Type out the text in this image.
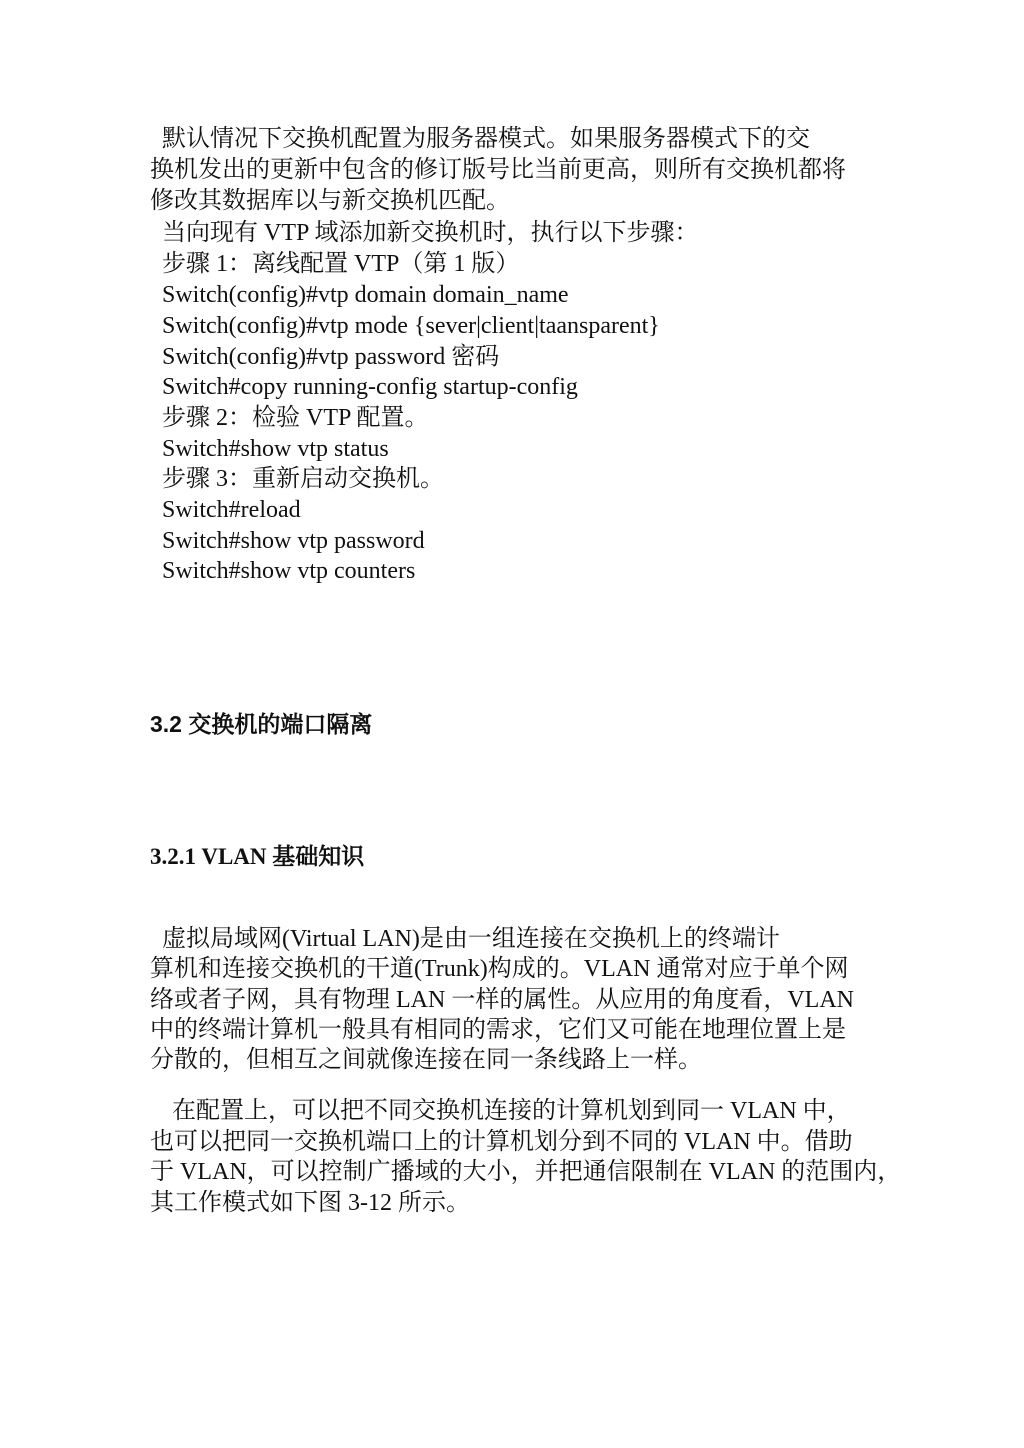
默认情况下交换机配置为服务器模式。如果服务器模式下的交
换机发出的更新中包含的修订版号比当前更高，则所有交换机都将
修改其数据库以与新交换机匹配。
当向现有 VTP 域添加新交换机时，执行以下步骤：
步骤 1：离线配置 VTP（第 1 版）
Switch(config)#vtp domain domain_name
Switch(config)#vtp mode {sever|client|taansparent}
Switch(config)#vtp password 密码
Switch#copy running-config startup-config
步骤 2：检验 VTP 配置。
Switch#show vtp status
步骤 3：重新启动交换机。
Switch#reload
Switch#show vtp password
Switch#show vtp counters
3.2 交换机的端口隔离
3.2.1 VLAN 基础知识
虚拟局域网(Virtual LAN)是由一组连接在交换机上的终端计
算机和连接交换机的干道(Trunk)构成的。VLAN 通常对应于单个网
络或者子网，具有物理 LAN 一样的属性。从应用的角度看，VLAN
中的终端计算机一般具有相同的需求，它们又可能在地理位置上是
分散的，但相互之间就像连接在同一条线路上一样。
在配置上，可以把不同交换机连接的计算机划到同一 VLAN 中，
也可以把同一交换机端口上的计算机划分到不同的 VLAN 中。借助
于 VLAN，可以控制广播域的大小，并把通信限制在 VLAN 的范围内，
其工作模式如下图 3-12 所示。
